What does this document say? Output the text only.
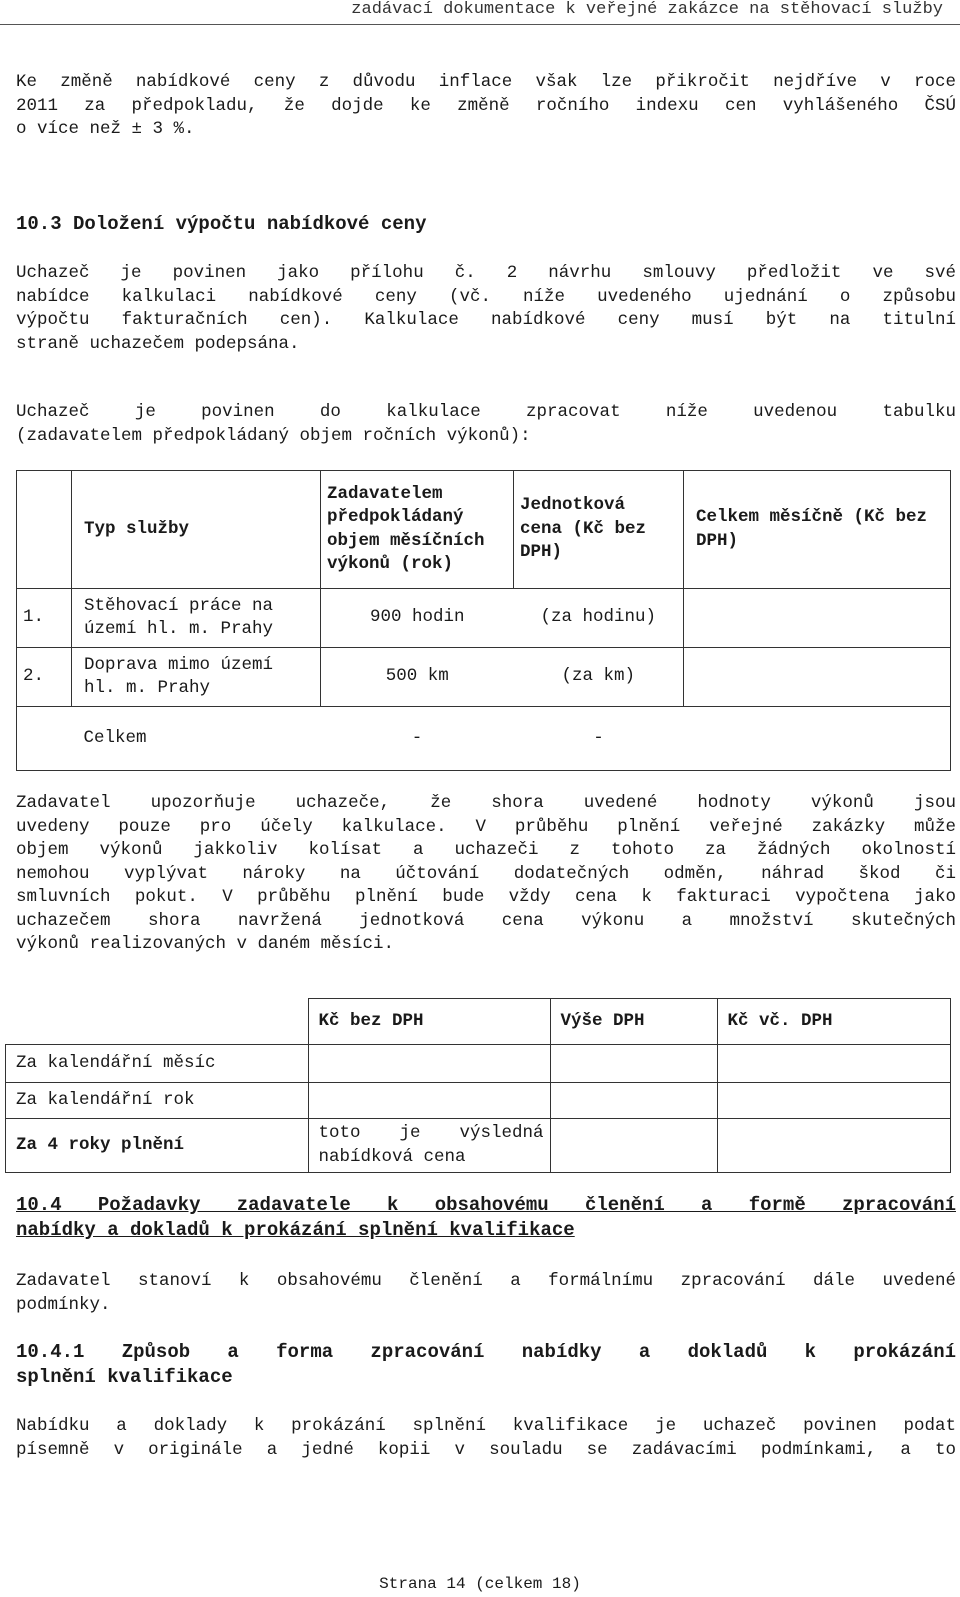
zadávací dokumentace k veřejné zakázce na stěhovací služby
Ke změně nabídkové ceny z důvodu inflace však lze přikročit nejdříve v roce
2011 za předpokladu, že dojde ke změně ročního indexu cen vyhlášeného ČSÚ
o více než ± 3 %.
10.3 Doložení výpočtu nabídkové ceny
Uchazeč je povinen jako přílohu č. 2 návrhu smlouvy předložit ve své
nabídce kalkulaci nabídkové ceny (vč. níže uvedeného ujednání o způsobu
výpočtu fakturačních cen). Kalkulace nabídkové ceny musí být na titulní
straně uchazečem podepsána.
Uchazeč je povinen do kalkulace zpracovat níže uvedenou tabulku
(zadavatelem předpokládaný objem ročních výkonů):
	Typ služby	Zadavatelem předpokládaný objem měsíčních výkonů (rok)	Jednotková cena (Kč bez DPH)	Celkem měsíčně (Kč bez DPH)
1.	Stěhovací práce na území hl. m. Prahy	900 hodin	(za hodinu)	
2.	Doprava mimo území hl. m. Prahy	500 km	(za km)	
	Celkem	-	-	
Zadavatel upozorňuje uchazeče, že shora uvedené hodnoty výkonů jsou
uvedeny pouze pro účely kalkulace. V průběhu plnění veřejné zakázky může
objem výkonů jakkoliv kolísat a uchazeči z tohoto za žádných okolností
nemohou vyplývat nároky na účtování dodatečných odměn, náhrad škod či
smluvních pokut. V průběhu plnění bude vždy cena k fakturaci vypočtena jako
uchazečem shora navržená jednotková cena výkonu a množství skutečných
výkonů realizovaných v daném měsíci.
	Kč bez DPH	Výše DPH	Kč vč. DPH
Za kalendářní měsíc			
Za kalendářní rok			
Za 4 roky plnění	toto je výsledná nabídková cena		
10.4 Požadavky zadavatele k obsahovému členění a formě zpracování
nabídky a dokladů k prokázání splnění kvalifikace
Zadavatel stanoví k obsahovému členění a formálnímu zpracování dále uvedené
podmínky.
10.4.1 Způsob a forma zpracování nabídky a dokladů k prokázání
splnění kvalifikace
Nabídku a doklady k prokázání splnění kvalifikace je uchazeč povinen podat
písemně v originále a jedné kopii v souladu se zadávacími podmínkami, a to
Strana 14 (celkem 18)
